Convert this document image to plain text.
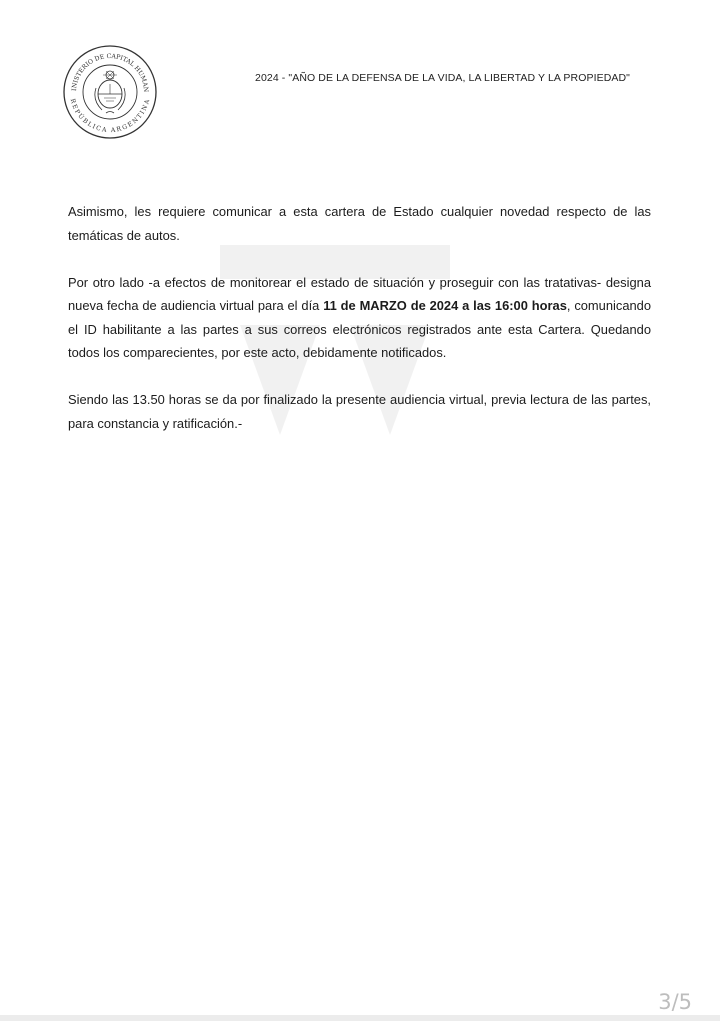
INISTERIO DE CAPITAL HUMAN
REPÚBLICA ARGENTINA
2024 - "AÑO DE LA DEFENSA DE LA VIDA, LA LIBERTAD Y LA PROPIEDAD"

Asimismo, les requiere comunicar a esta cartera de Estado cualquier novedad respecto de las temáticas de autos.

Por otro lado -a efectos de monitorear el estado de situación y proseguir con las tratativas- designa nueva fecha de audiencia virtual para el día 11 de MARZO de 2024 a las 16:00 horas, comunicando el ID habilitante a las partes a sus correos electrónicos registrados ante esta Cartera. Quedando todos los comparecientes, por este acto, debidamente notificados.

Siendo las 13.50 horas se da por finalizado la presente audiencia virtual, previa lectura de las partes, para constancia y ratificación.-

3/5
